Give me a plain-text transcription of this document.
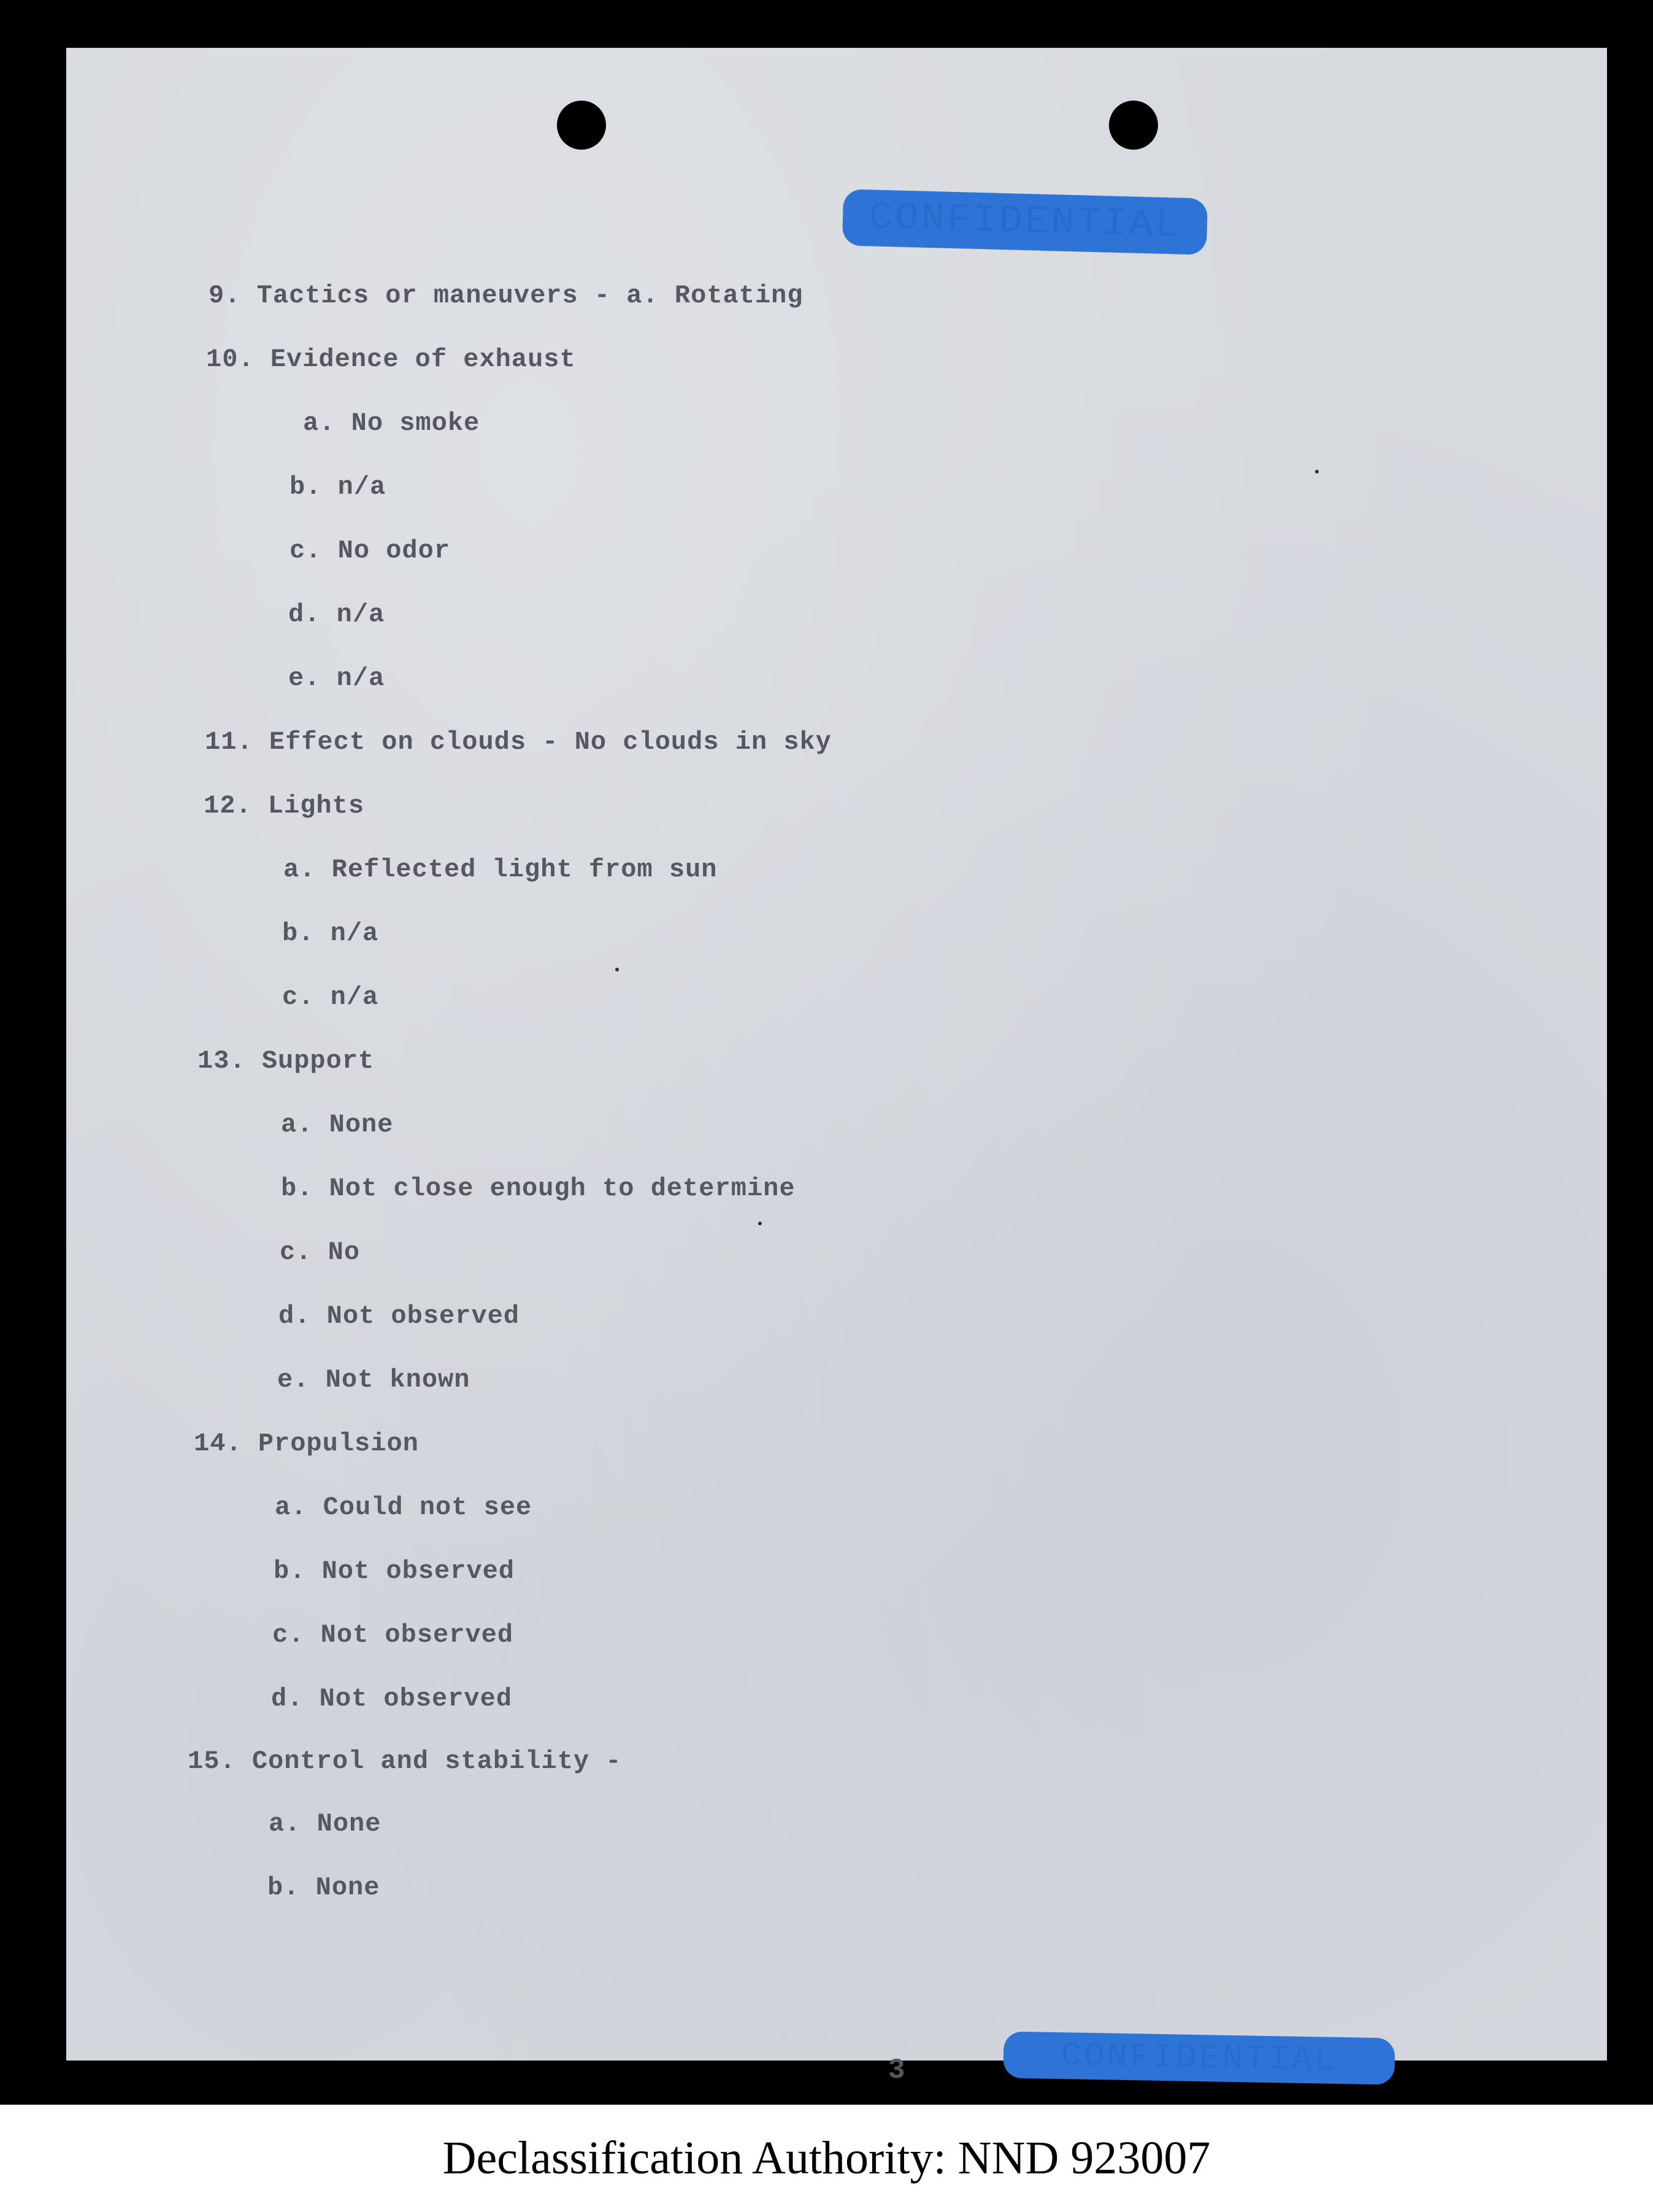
CONFIDENTIAL
9. Tactics or maneuvers - a. Rotating
10. Evidence of exhaust
a. No smoke
b. n/a
c. No odor
d. n/a
e. n/a
11. Effect on clouds - No clouds in sky
12. Lights
a. Reflected light from sun
b. n/a
c. n/a
13. Support
a. None
b. Not close enough to determine
c. No
d. Not observed
e. Not known
14. Propulsion
a. Could not see
b. Not observed
c. Not observed
d. Not observed
15. Control and stability -
a. None
b. None
3	CONFIDENTIAL
Declassification Authority: NND 923007
